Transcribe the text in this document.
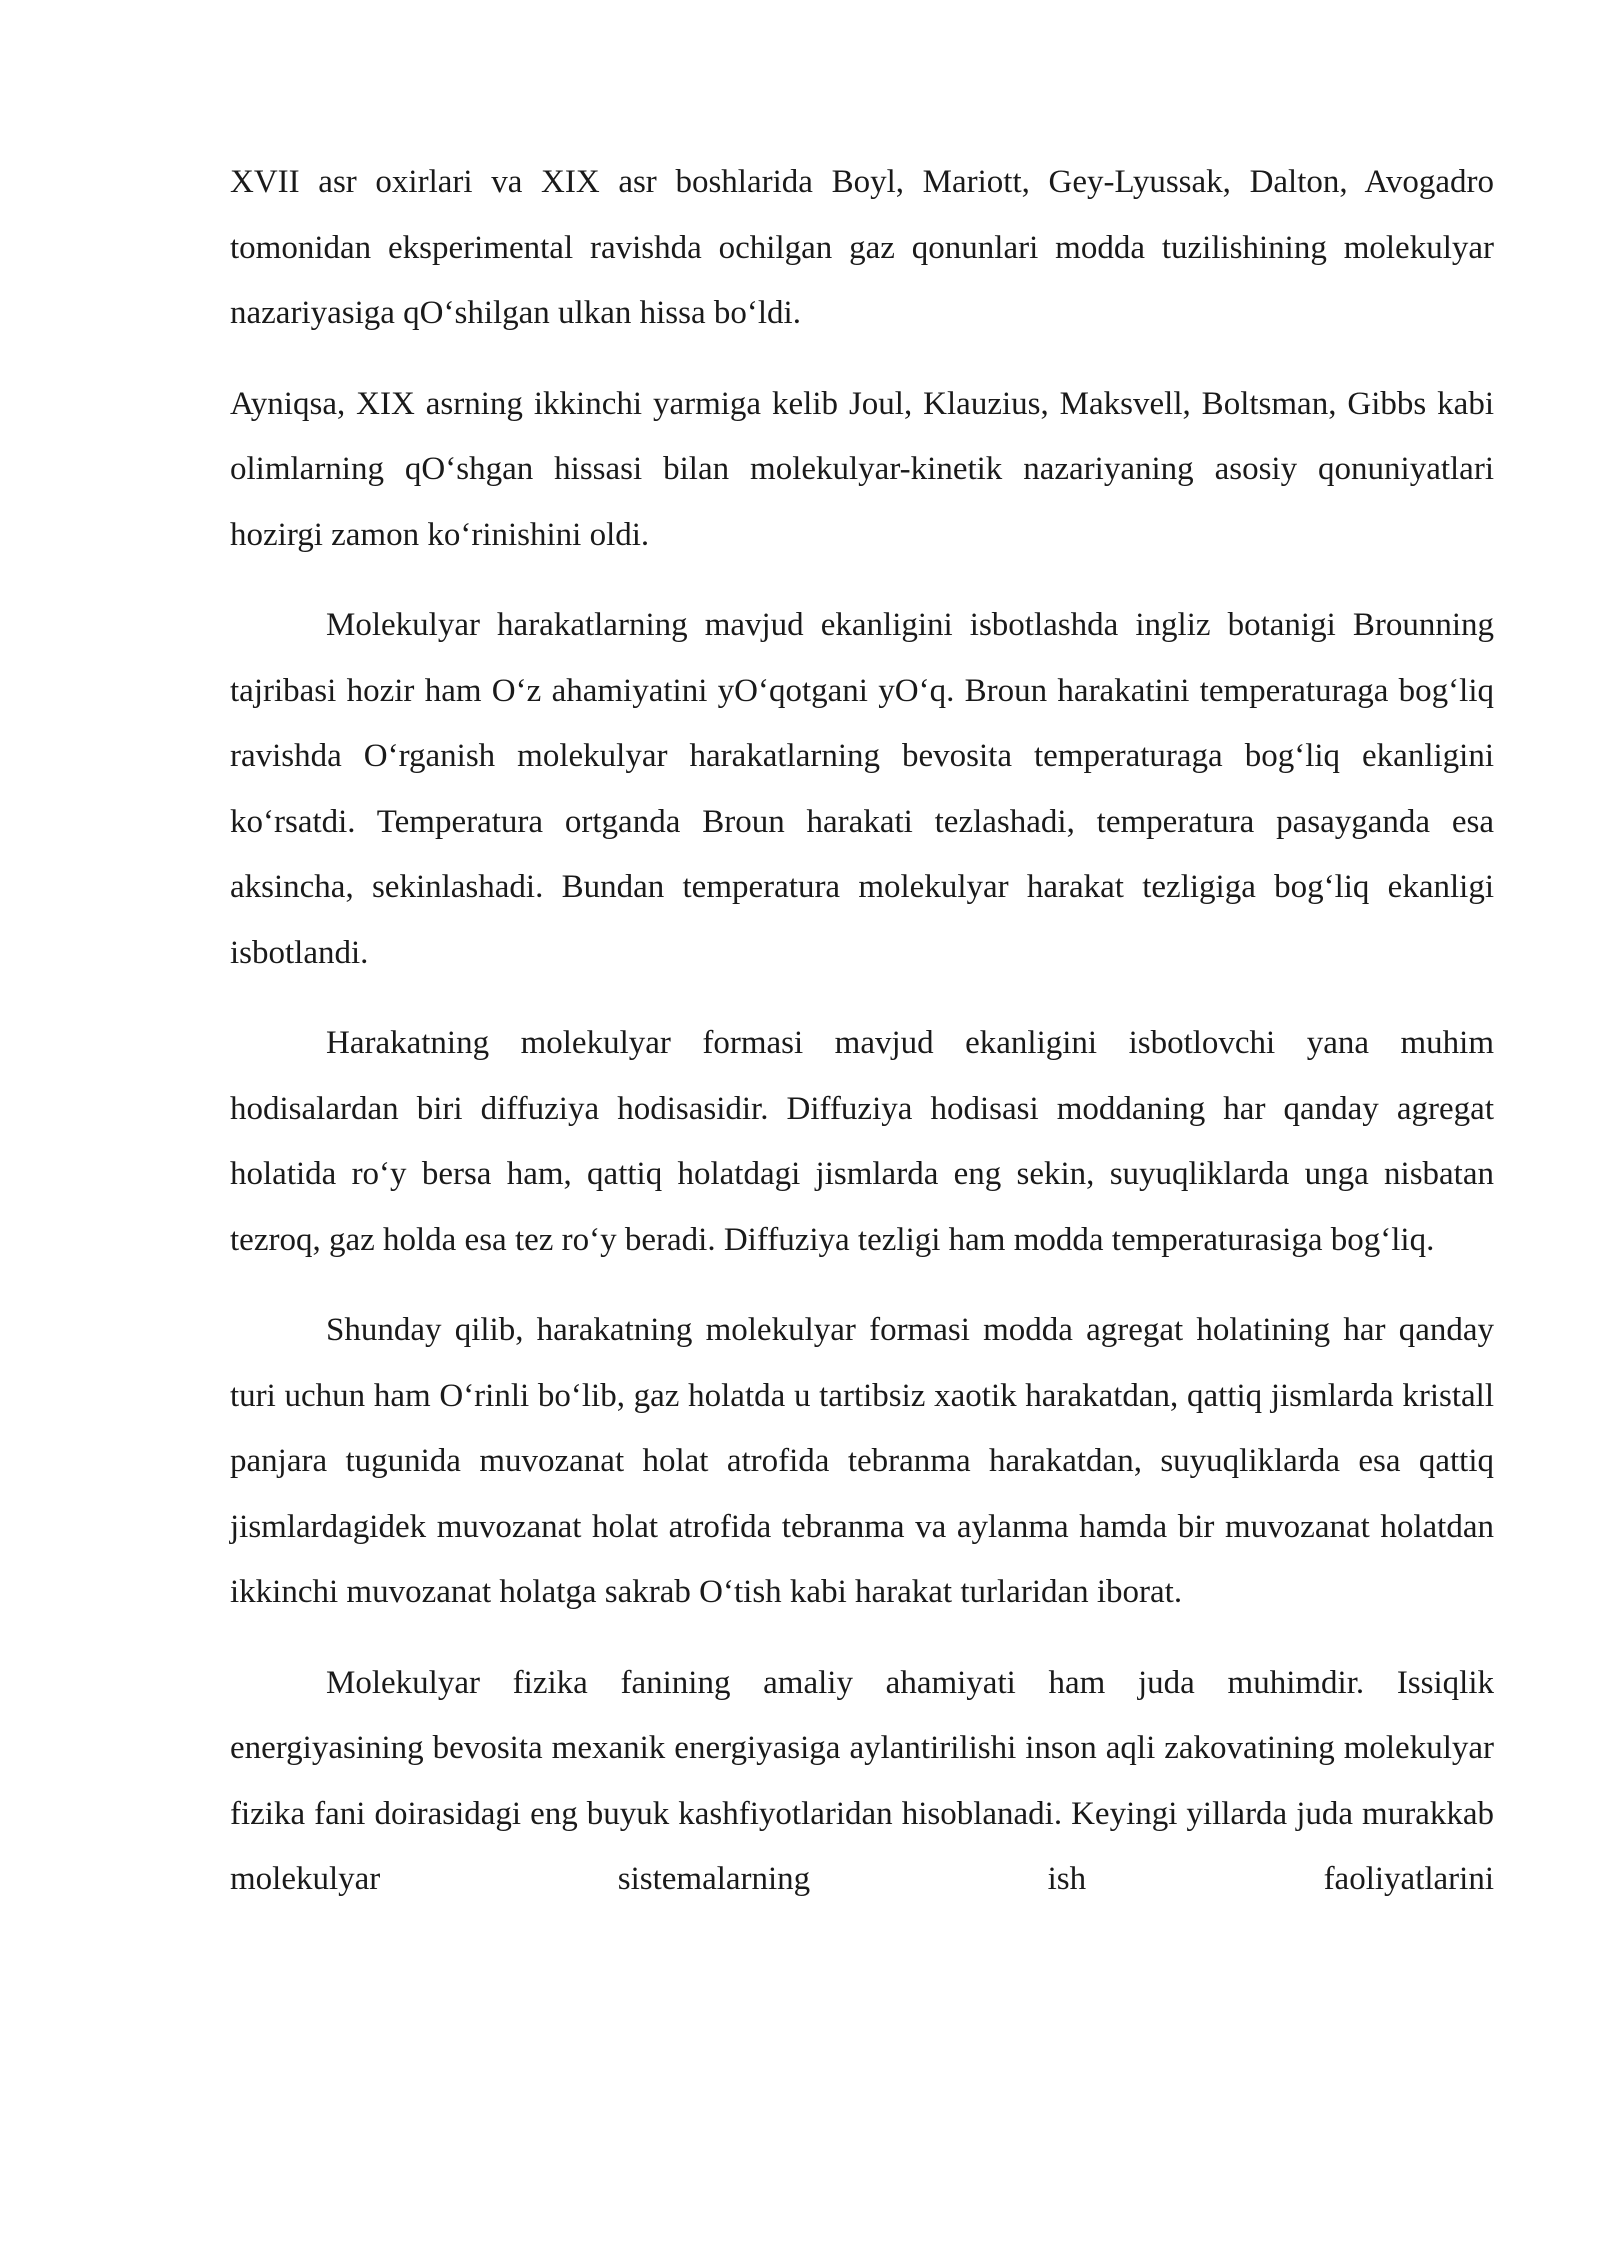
XVII asr oxirlari va XIX asr boshlarida Boyl, Mariott, Gey-Lyussak, Dalton, Avogadro tomonidan eksperimental ravishda ochilgan gaz qonunlari modda tuzilishining molekulyar nazariyasiga qO‘shilgan ulkan hissa bo‘ldi.

Ayniqsa, XIX asrning ikkinchi yarmiga kelib Joul, Klauzius, Maksvell, Boltsman, Gibbs kabi olimlarning qO‘shgan hissasi bilan molekulyar-kinetik nazariyaning asosiy qonuniyatlari hozirgi zamon ko‘rinishini oldi.

Molekulyar harakatlarning mavjud ekanligini isbotlashda ingliz botanigi Brounning tajribasi hozir ham O‘z ahamiyatini yO‘qotgani yO‘q. Broun harakatini temperaturaga bog‘liq ravishda O‘rganish molekulyar harakatlarning bevosita temperaturaga bog‘liq ekanligini ko‘rsatdi. Temperatura ortganda Broun harakati tezlashadi, temperatura pasayganda esa aksincha, sekinlashadi. Bundan temperatura molekulyar harakat tezligiga bog‘liq ekanligi isbotlandi.

Harakatning molekulyar formasi mavjud ekanligini isbotlovchi yana muhim hodisalardan biri diffuziya hodisasidir. Diffuziya hodisasi moddaning har qanday agregat holatida ro‘y bersa ham, qattiq holatdagi jismlarda eng sekin, suyuqliklarda unga nisbatan tezroq, gaz holda esa tez ro‘y beradi. Diffuziya tezligi ham modda temperaturasiga bog‘liq.

Shunday qilib, harakatning molekulyar formasi modda agregat holatining har qanday turi uchun ham O‘rinli bo‘lib, gaz holatda u tartibsiz xaotik harakatdan, qattiq jismlarda kristall panjara tugunida muvozanat holat atrofida tebranma harakatdan, suyuqliklarda esa qattiq jismlardagidek muvozanat holat atrofida tebranma va aylanma hamda bir muvozanat holatdan ikkinchi muvozanat holatga sakrab O‘tish kabi harakat turlaridan iborat.

Molekulyar fizika fanining amaliy ahamiyati ham juda muhimdir. Issiqlik energiyasining bevosita mexanik energiyasiga aylantirilishi inson aqli zakovatining molekulyar fizika fani doirasidagi eng buyuk kashfiyotlaridan hisoblanadi. Keyingi yillarda juda murakkab molekulyar sistemalarning ish faoliyatlarini
